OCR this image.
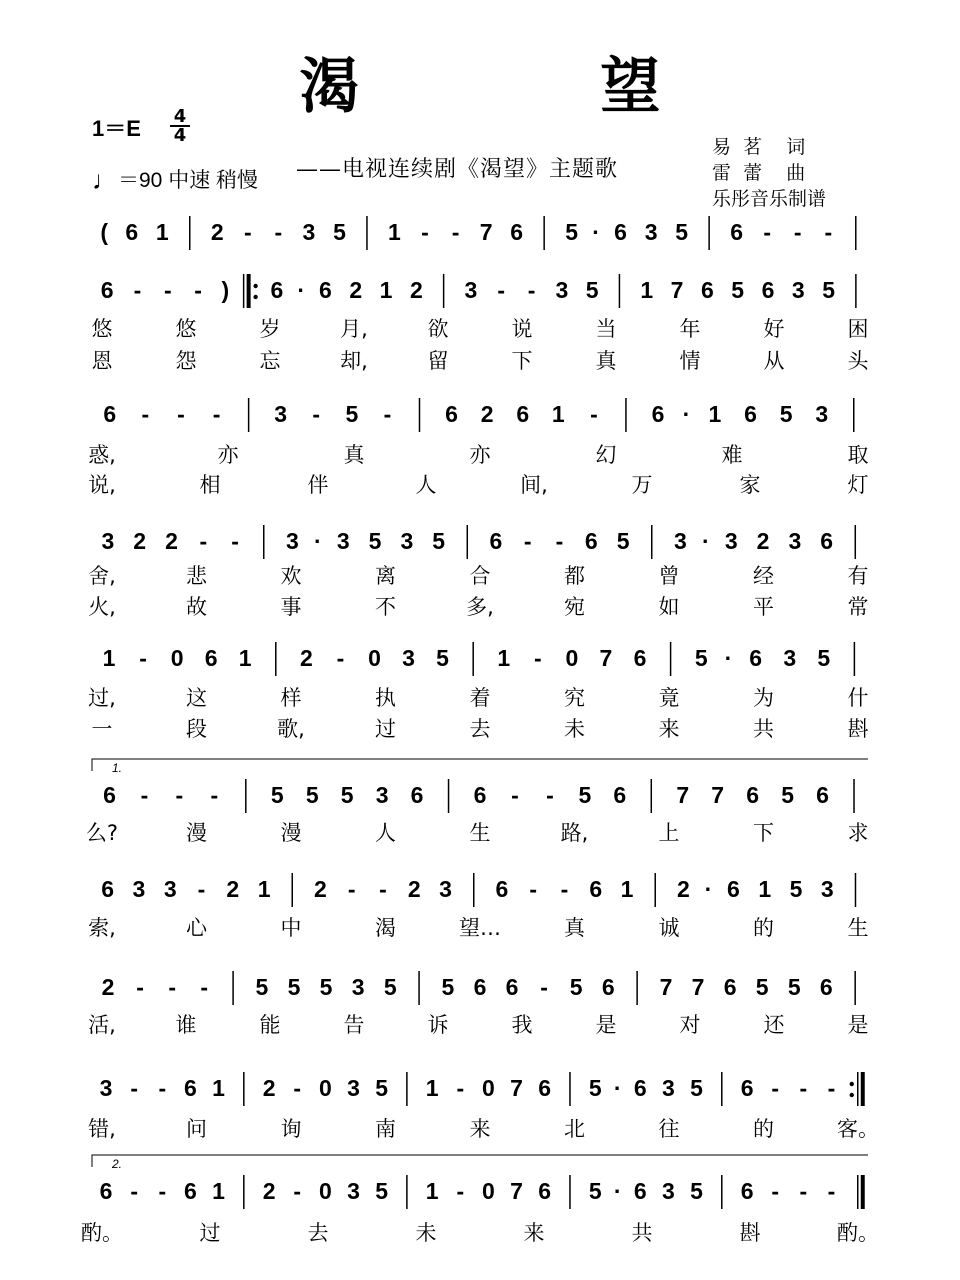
渴 望
1＝E 4
4
♩＝90 中速 稍慢 ——电视连续剧《渴望》主题歌
易  茗    词
雷  蕾    曲
乐彤音乐制谱
( 6 1 2 - - 3 5 1 - - 7 6 5 · 6 3 5 6 - - -
6 - - - ) 6 · 6 2 1 2 3 - - 3 5 1 7 6 5 6 3 5
悠	悠	岁	月,	欲	说	当	年	好	困
恩	怨	忘	却,	留	下	真	情	从	头
6 - - - 3 - 5 - 6 2 6 1 - 6 · 1 6 5 3
惑,	亦	真	亦	幻	难	取
说,	相	伴	人	间,	万	家	灯
3 2 2 - - 3 · 3 5 3 5 6 - - 6 5 3 · 3 2 3 6
舍,	悲	欢	离	合	都	曾	经	有
火,	故	事	不	多,	宛	如	平	常
1 - 0 6 1 2 - 0 3 5 1 - 0 7 6 5 · 6 3 5
过,	这	样	执	着	究	竟	为	什
一	段	歌,	过	去	未	来	共	斟
6 - - - 5 5 5 3 6 6 - - 5 6 7 7 6 5 6
1.
么?	漫	漫	人	生	路,	上	下	求
6 3 3 - 2 1 2 - - 2 3 6 - - 6 1 2 · 6 1 5 3
索,	心	中	渴	望…	真	诚	的	生
2 - - - 5 5 5 3 5 5 6 6 - 5 6 7 7 6 5 5 6
活,	谁	能	告	诉	我	是	对	还	是
3 - - 6 1 2 - 0 3 5 1 - 0 7 6 5 · 6 3 5 6 - - -
错,	问	询	南	来	北	往	的	客。
6 - - 6 1 2 - 0 3 5 1 - 0 7 6 5 · 6 3 5 6 - - -
2.
酌。	过	去	未	来	共	斟	酌。
